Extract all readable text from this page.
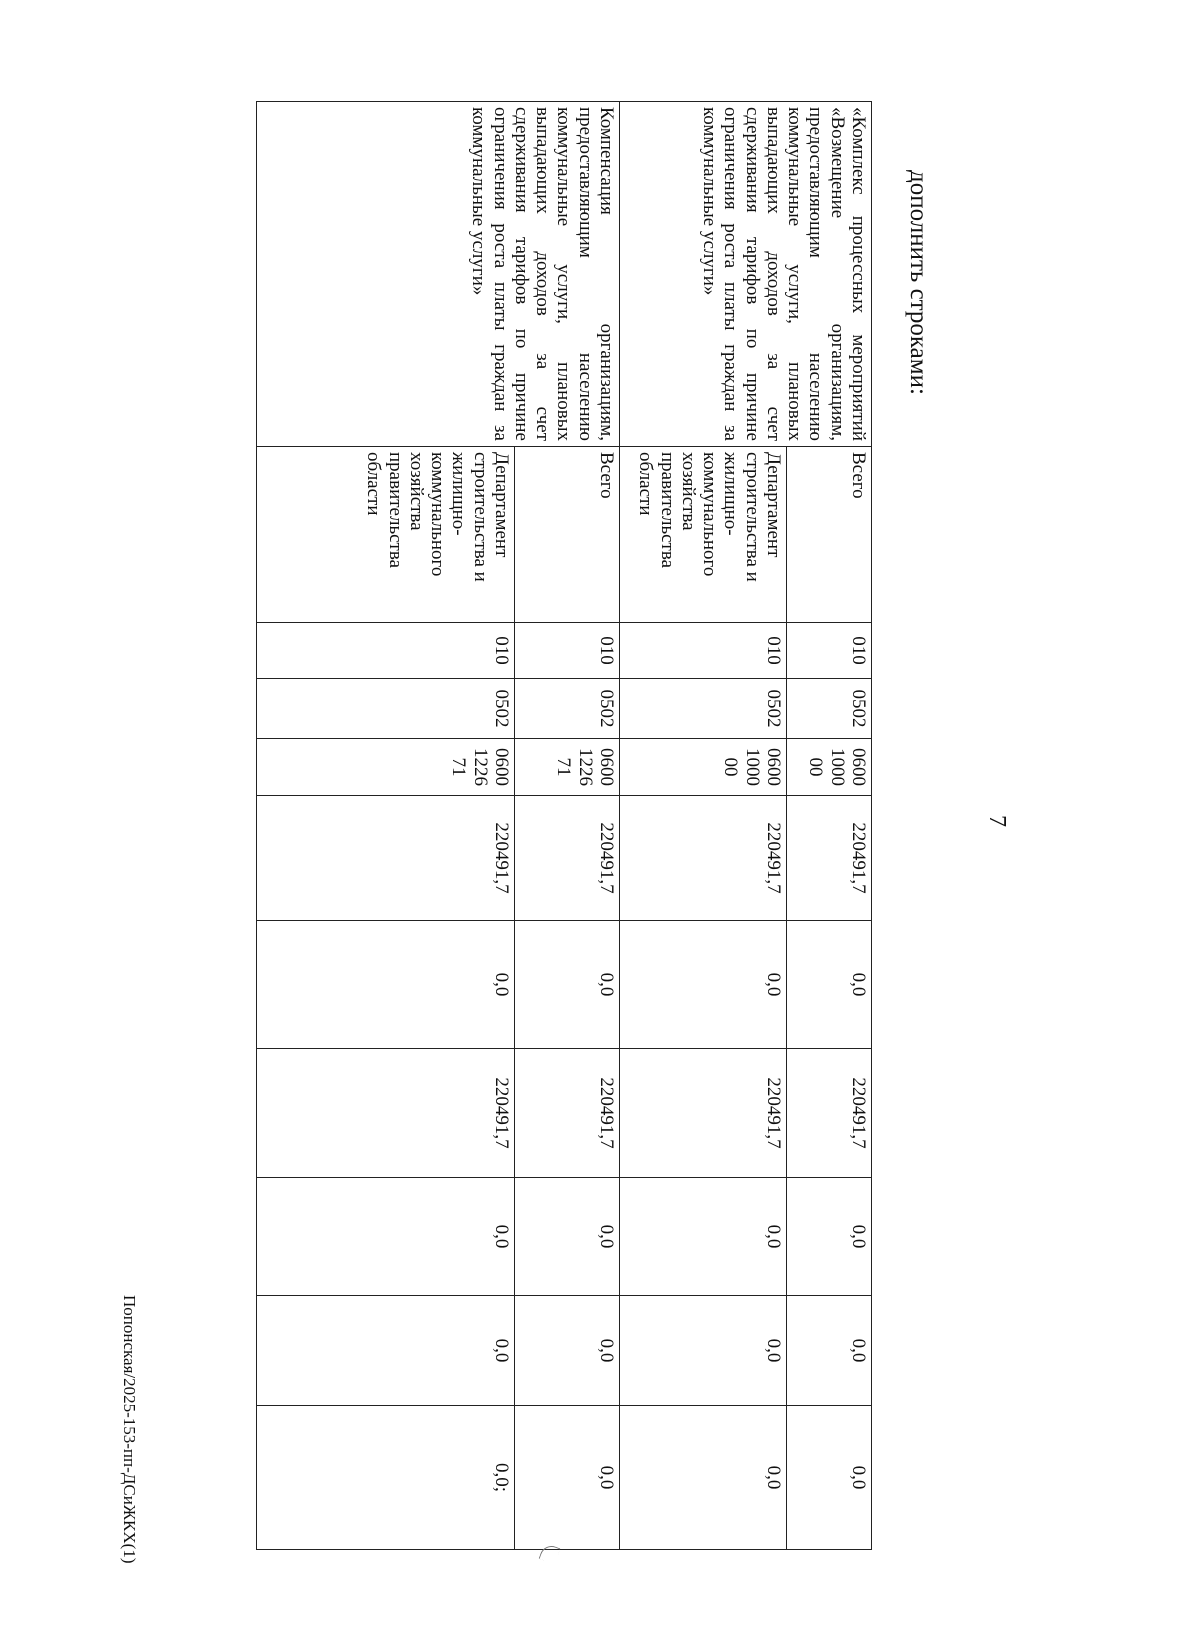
дополнить строками:
7
«Комплекс процессных мероприятий «Возмещение организациям, предоставляющим населению коммунальные услуги, плановых выпадающих доходов за счет сдерживания тарифов по причине ограничения роста платы граждан за коммунальные услуги»	Всего	010	0502	0600100000	220491,7	0,0	220491,7	0,0	0,0	0,0
	Департамент строительства и жилищно-коммунального хозяйства правительства области	010	0502	0600100000	220491,7	0,0	220491,7	0,0	0,0	0,0
Компенсация организациям, предоставляющим населению коммунальные услуги, плановых выпадающих доходов за счет сдерживания тарифов по причине ограничения роста платы граждан за коммунальные услуги»	Всего	010	0502	0600122671	220491,7	0,0	220491,7	0,0	0,0	0,0
	Департамент строительства и жилищно-коммунального хозяйства правительства области	010	0502	0600122671	220491,7	0,0	220491,7	0,0	0,0	0,0;
Попонская/2025-153-пп-ДСиЖКХ(1)
